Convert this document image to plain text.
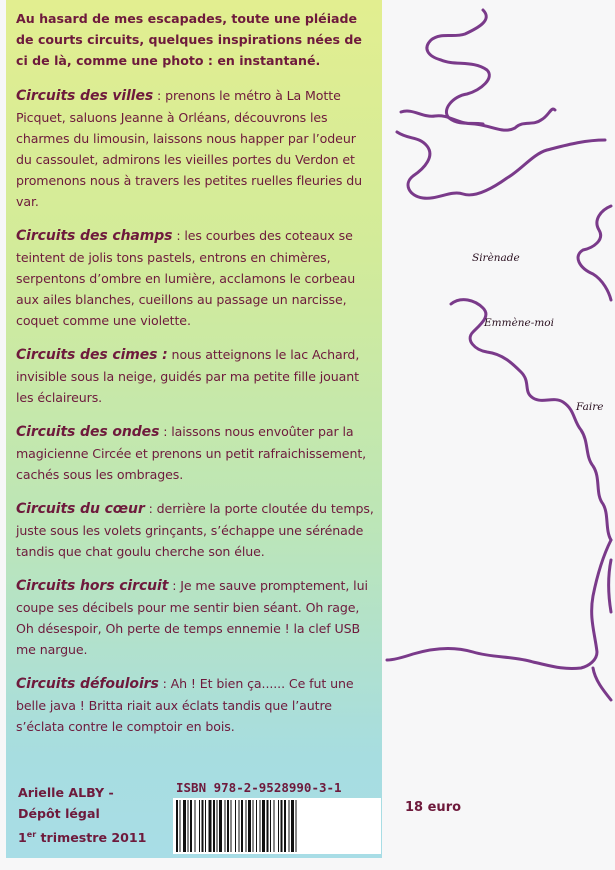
Au hasard de mes escapades, toute une pléiade de courts circuits, quelques inspirations nées de ci de là, comme une photo : en instantané.

Circuits des villes : prenons le métro à La Motte Picquet, saluons Jeanne à Orléans, découvrons les charmes du limousin, laissons nous happer par l’odeur du cassoulet, admirons les vieilles portes du Verdon et promenons nous à travers les petites ruelles fleuries du var.

Circuits des champs : les courbes des coteaux se teintent de jolis tons pastels, entrons en chimères, serpentons d’ombre en lumière, acclamons le corbeau aux ailes blanches, cueillons au passage un narcisse, coquet comme une violette.

Circuits des cimes : nous atteignons le lac Achard, invisible sous la neige, guidés par ma petite fille jouant les éclaireurs.

Circuits des ondes : laissons nous envoûter par la magicienne Circée et prenons un petit rafraichissement, cachés sous les ombrages.

Circuits du cœur : derrière la porte cloutée du temps, juste sous les volets grinçants, s’échappe une sérénade tandis que chat goulu cherche son élue.

Circuits hors circuit : Je me sauve promptement, lui coupe ses décibels pour me sentir bien séant. Oh rage, Oh désespoir, Oh perte de temps ennemie ! la clef USB me nargue.

Circuits défouloirs : Ah ! Et bien ça...... Ce fut une belle java ! Britta riait aux éclats tandis que l’autre s’éclata contre le comptoir en bois.

Arielle ALBY -
Dépôt légal
1er trimestre 2011
ISBN 978-2-9528990-3-1
18 euro
Sirènade
Emmène-moi
Faire
